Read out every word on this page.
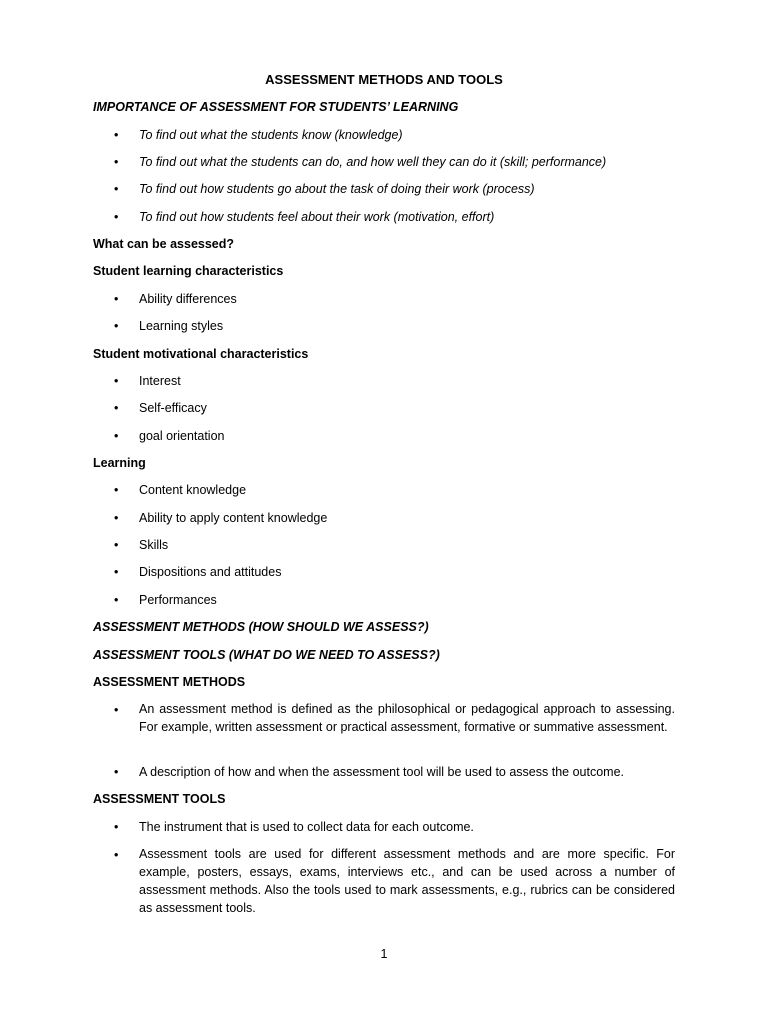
ASSESSMENT METHODS AND TOOLS
IMPORTANCE OF ASSESSMENT FOR STUDENTS’ LEARNING
• To find out what the students know (knowledge)
• To find out what the students can do, and how well they can do it (skill; performance)
• To find out how students go about the task of doing their work (process)
• To find out how students feel about their work (motivation, effort)
What can be assessed?
Student learning characteristics
• Ability differences
• Learning styles
Student motivational characteristics
• Interest
• Self-efficacy
• goal orientation
Learning
• Content knowledge
• Ability to apply content knowledge
• Skills
• Dispositions and attitudes
• Performances
ASSESSMENT METHODS (HOW SHOULD WE ASSESS?)
ASSESSMENT TOOLS (WHAT DO WE NEED TO ASSESS?)
ASSESSMENT METHODS
• An assessment method is defined as the philosophical or pedagogical approach to assessing. For example, written assessment or practical assessment, formative or summative assessment.
• A description of how and when the assessment tool will be used to assess the outcome.
ASSESSMENT TOOLS
• The instrument that is used to collect data for each outcome.
• Assessment tools are used for different assessment methods and are more specific. For example, posters, essays, exams, interviews etc., and can be used across a number of assessment methods. Also the tools used to mark assessments, e.g., rubrics can be considered as assessment tools.
1
